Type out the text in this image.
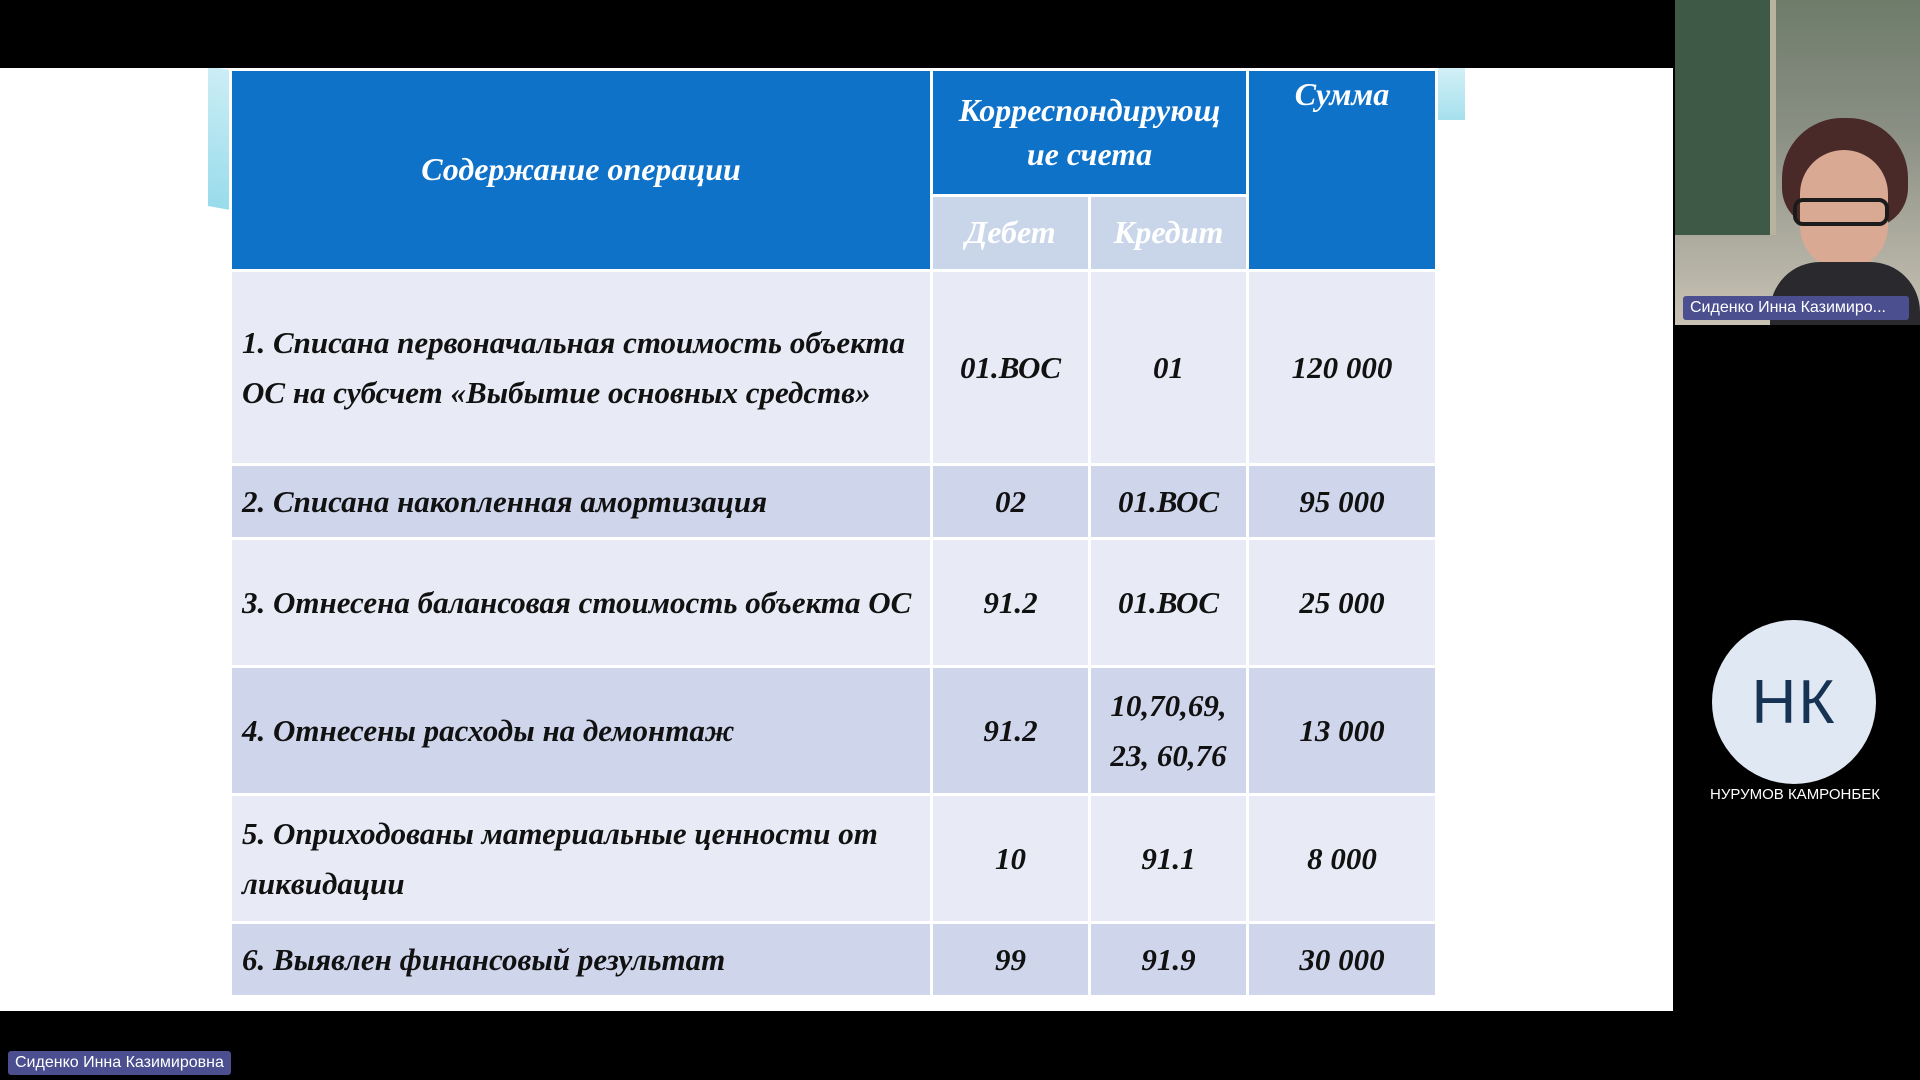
Содержание операции	Корреспондирующ ие счета		Сумма
	Дебет	Кредит	
1. Списана первоначальная стоимость объекта ОС на субсчет «Выбытие основных средств»	01.ВОС	01	120 000
2. Списана накопленная амортизация	02	01.ВОС	95 000
3. Отнесена балансовая стоимость объекта ОС	91.2	01.ВОС	25 000
4. Отнесены расходы на демонтаж	91.2	10,70,69, 23, 60,76	13 000
5. Оприходованы материальные ценности от ликвидации	10	91.1	8 000
6. Выявлен финансовый результат	99	91.9	30 000
Сиденко Инна Казимиро...
НК
НУРУМОВ КАМРОНБЕК
Сиденко Инна Казимировна
